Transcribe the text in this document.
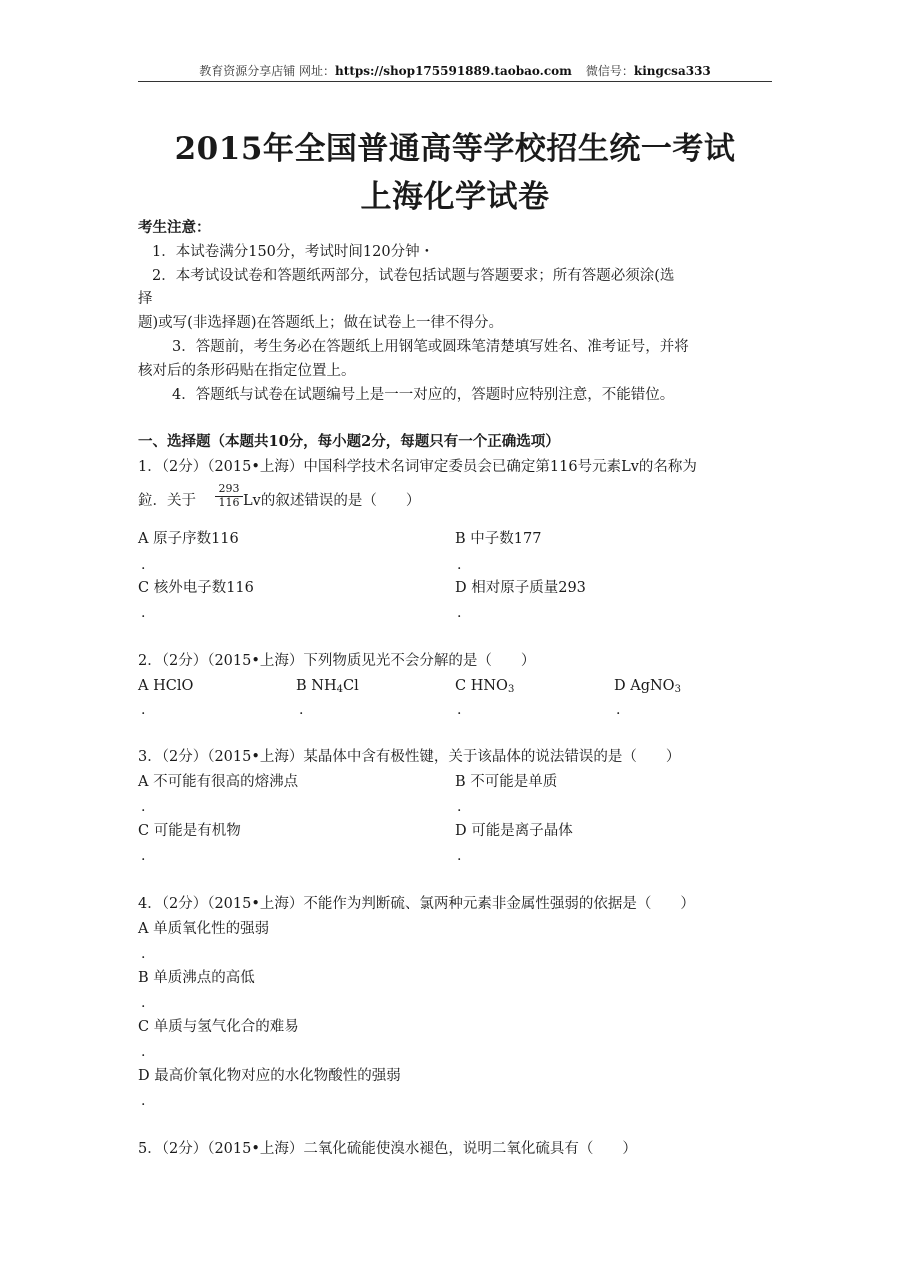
教育资源分享店铺 网址：https://shop175591889.taobao.com 微信号：kingcsa333
2015年全国普通高等学校招生统一考试
上海化学试卷
考生注意：
1．本试卷满分150分，考试时间120分钟・
2．本考试设试卷和答题纸两部分，试卷包括试题与答题要求；所有答题必须涂(选
择
题)或写(非选择题)在答题纸上；做在试卷上一律不得分。
3．答题前，考生务必在答题纸上用钢笔或圆珠笔清楚填写姓名、准考证号，并将
核对后的条形码贴在指定位置上。
4．答题纸与试卷在试题编号上是一一对应的，答题时应特别注意，不能错位。
一、选择题（本题共10分，每小题2分，每题只有一个正确选项）
1．（2分）（2015•上海）中国科学技术名词审定委员会已确定第116号元素Lv的名称为
鉝．关于 $\frac{293}{116}$ Lv的叙述错误的是（　　）
A 原子序数116	B 中子数177
.	.
C 核外电子数116	D 相对原子质量293
.	.
2．（2分）（2015•上海）下列物质见光不会分解的是（　　）
A HClO	B $NH_4Cl$	C $HNO_3$	D AgNO$_3$
.	.	.	.
3．（2分）（2015•上海）某晶体中含有极性键，关于该晶体的说法错误的是（　　）
A 不可能有很高的熔沸点	B 不可能是单质
.	.
C 可能是有机物	D 可能是离子晶体
.	.
4．（2分）（2015•上海）不能作为判断硫、氯两种元素非金属性强弱的依据是（　　）
A 单质氧化性的强弱
.
B 单质沸点的高低
.
C 单质与氢气化合的难易
.
D 最高价氧化物对应的水化物酸性的强弱
.
5．（2分）（2015•上海）二氧化硫能使溴水褪色，说明二氧化硫具有（　　）
